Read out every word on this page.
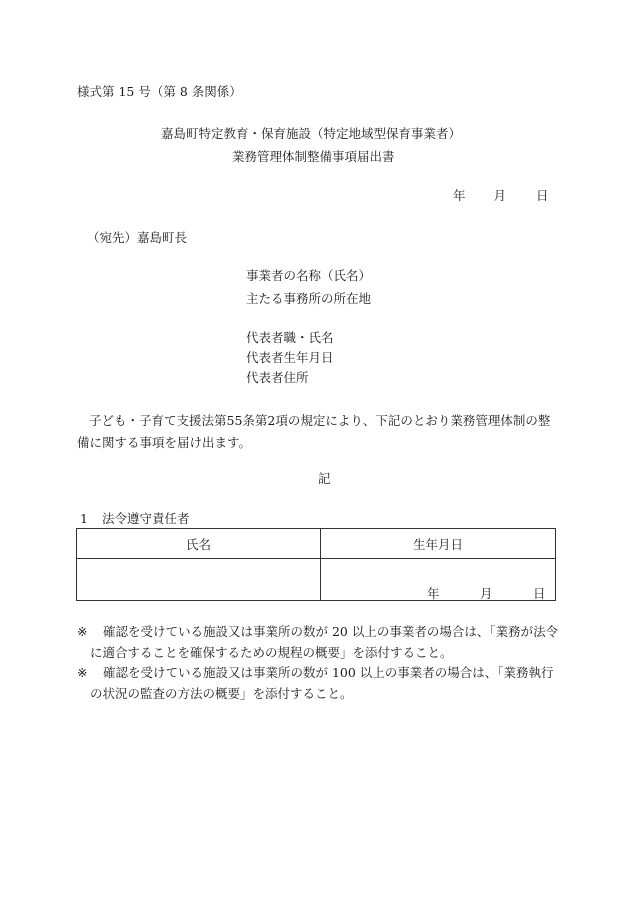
様式第 15 号（第 8 条関係）
嘉島町特定教育・保育施設（特定地域型保育事業者）
業務管理体制整備事項届出書
年 月 日
（宛先）嘉島町長
事業者の名称（氏名）
主たる事務所の所在地
代表者職・氏名
代表者生年月日
代表者住所
子ども・子育て支援法第55条第2項の規定により、下記のとおり業務管理体制の整備に関する事項を届け出ます。
記
1 法令遵守責任者
氏名	生年月日

	年 月 日
※	確認を受けている施設又は事業所の数が 20 以上の事業者の場合は、「業務が法令に適合することを確保するための規程の概要」を添付すること。
※	確認を受けている施設又は事業所の数が 100 以上の事業者の場合は、「業務執行の状況の監査の方法の概要」を添付すること。
